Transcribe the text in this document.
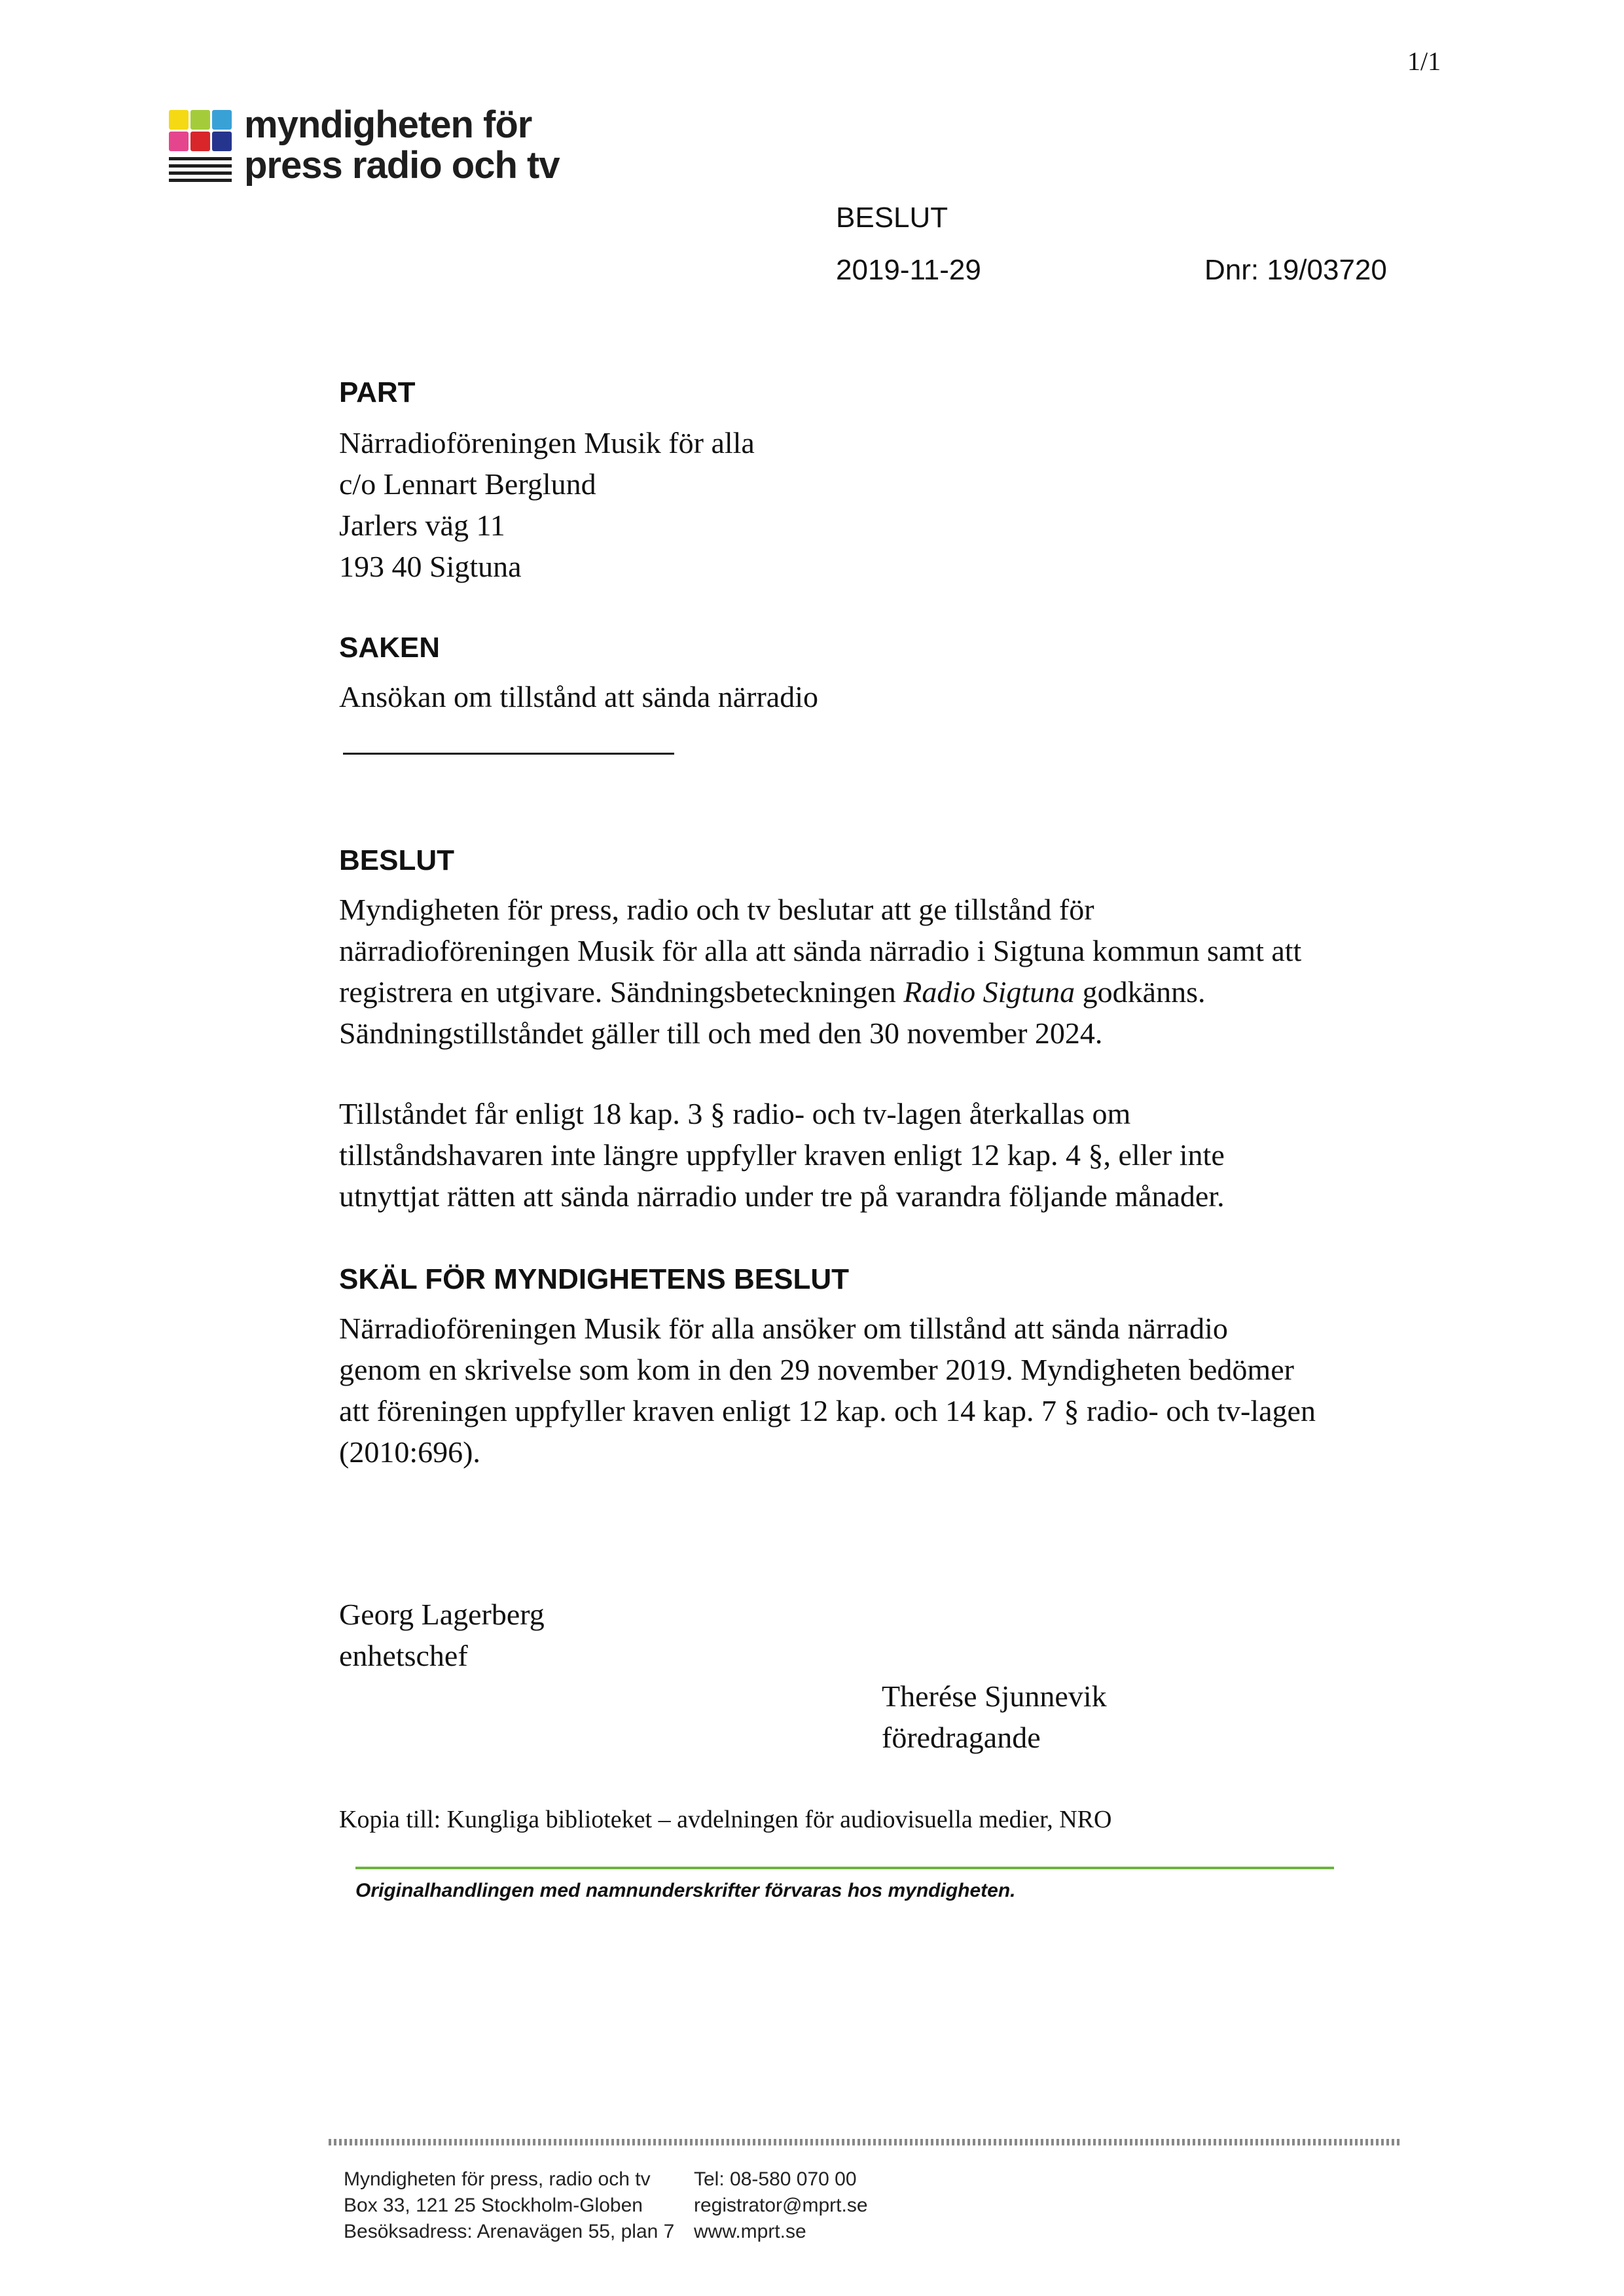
1/1
myndigheten för
press radio och tv
BESLUT
2019-11-29	Dnr: 19/03720
PART

Närradioföreningen Musik för alla

c/o Lennart Berglund

Jarlers väg 11

193 40 Sigtuna

SAKEN
Ansökan om tillstånd att sända närradio
BESLUT

Myndigheten för press, radio och tv beslutar att ge tillstånd för

närradioföreningen Musik för alla att sända närradio i Sigtuna kommun samt att

registrera en utgivare. Sändningsbeteckningen Radio Sigtuna godkänns.

Sändningstillståndet gäller till och med den 30 november 2024.

Tillståndet får enligt 18 kap. 3 § radio- och tv-lagen återkallas om

tillståndshavaren inte längre uppfyller kraven enligt 12 kap. 4 §, eller inte

utnyttjat rätten att sända närradio under tre på varandra följande månader.

SKÄL FÖR MYNDIGHETENS BESLUT

Närradioföreningen Musik för alla ansöker om tillstånd att sända närradio

genom en skrivelse som kom in den 29 november 2019. Myndigheten bedömer

att föreningen uppfyller kraven enligt 12 kap. och 14 kap. 7 § radio- och tv-lagen

(2010:696).

Georg Lagerberg
enhetschef
Therése Sjunnevik
föredragande
Kopia till: Kungliga biblioteket – avdelningen för audiovisuella medier, NRO
Originalhandlingen med namnunderskrifter förvaras hos myndigheten.
Myndigheten för press, radio och tv
Box 33, 121 25 Stockholm-Globen
Besöksadress: Arenavägen 55, plan 7
Tel: 08-580 070 00
registrator@mprt.se
www.mprt.se
